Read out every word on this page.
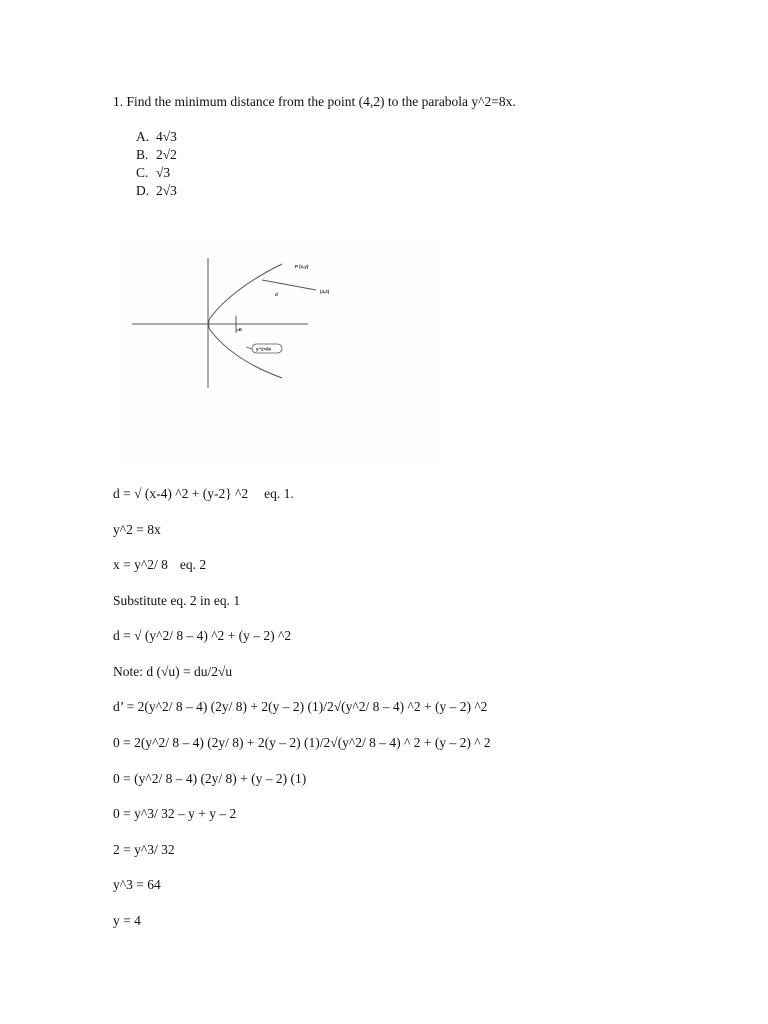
1. Find the minimum distance from the point (4,2) to the parabola y^2=8x.
A. 4√3
B. 2√2
C. √3
D. 2√3
P (x,y)
(4,2)
d
F
y^2=8x
d = √ (x-4) ^2 + (y-2} ^2 eq. 1.
y^2 = 8x
x = y^2/ 8 eq. 2
Substitute eq. 2 in eq. 1
d = √ (y^2/ 8 – 4) ^2 + (y – 2) ^2
Note: d (√u) = du/2√u
d’ = 2(y^2/ 8 – 4) (2y/ 8) + 2(y – 2) (1)/2√(y^2/ 8 – 4) ^2 + (y – 2) ^2
0 = 2(y^2/ 8 – 4) (2y/ 8) + 2(y – 2) (1)/2√(y^2/ 8 – 4) ^ 2 + (y – 2) ^ 2
0 = (y^2/ 8 – 4) (2y/ 8) + (y – 2) (1)
0 = y^3/ 32 – y + y – 2
2 = y^3/ 32
y^3 = 64
y = 4
